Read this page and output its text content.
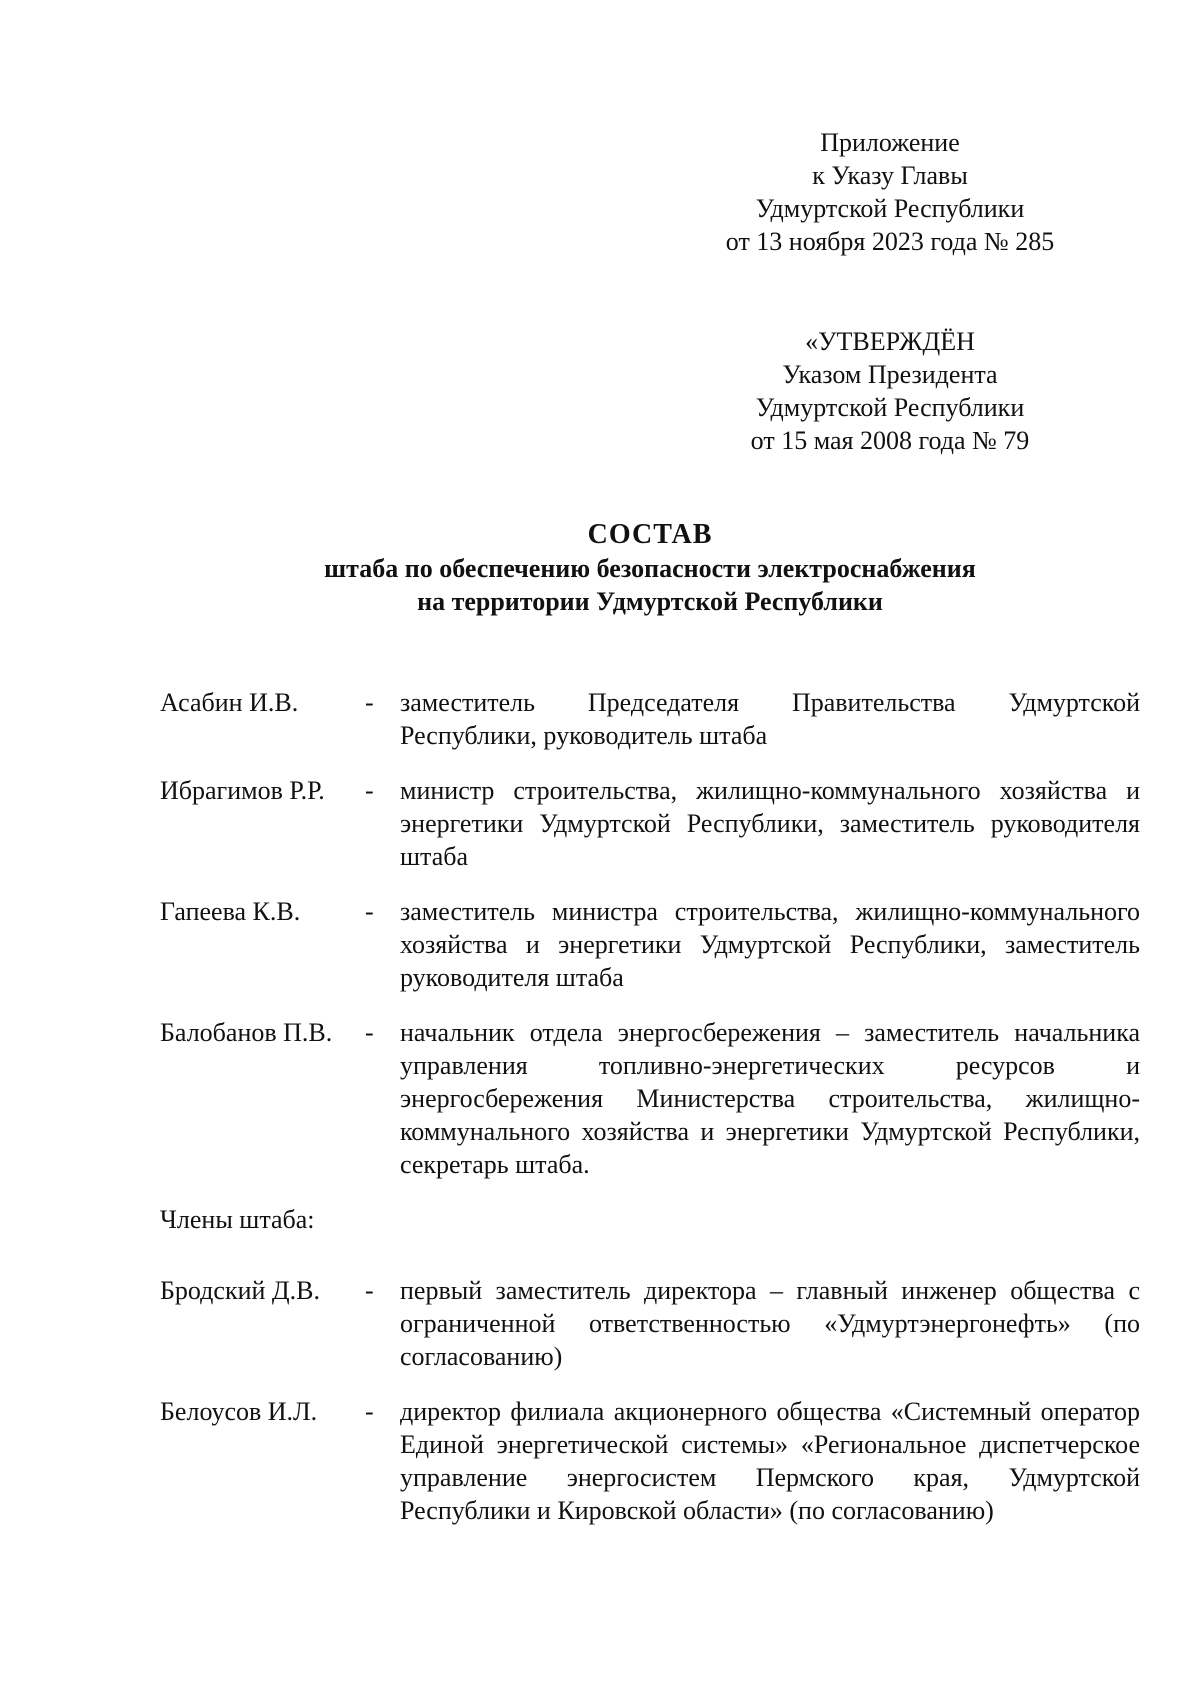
Приложение
к Указу Главы
Удмуртской Республики
от 13 ноября 2023 года № 285
«УТВЕРЖДЁН
Указом Президента
Удмуртской Республики
от 15 мая 2008 года № 79
СОСТАВ
штаба по обеспечению безопасности электроснабжения
на территории Удмуртской Республики
Асабин И.В.	-	заместитель Председателя Правительства Удмуртской Республики, руководитель штаба
Ибрагимов Р.Р.	-	министр строительства, жилищно-коммунального хозяйства и энергетики Удмуртской Республики, заместитель руководителя штаба
Гапеева К.В.	-	заместитель министра строительства, жилищно-коммунального хозяйства и энергетики Удмуртской Республики, заместитель руководителя штаба
Балобанов П.В.	-	начальник отдела энергосбережения – заместитель начальника управления топливно-энергетических ресурсов и энергосбережения Министерства строительства, жилищно-коммунального хозяйства и энергетики Удмуртской Республики, секретарь штаба.
Члены штаба:
Бродский Д.В.	-	первый заместитель директора – главный инженер общества с ограниченной ответственностью «Удмуртэнергонефть» (по согласованию)
Белоусов И.Л.	-	директор филиала акционерного общества «Системный оператор Единой энергетической системы» «Региональное диспетчерское управление энергосистем Пермского края, Удмуртской Республики и Кировской области» (по согласованию)
